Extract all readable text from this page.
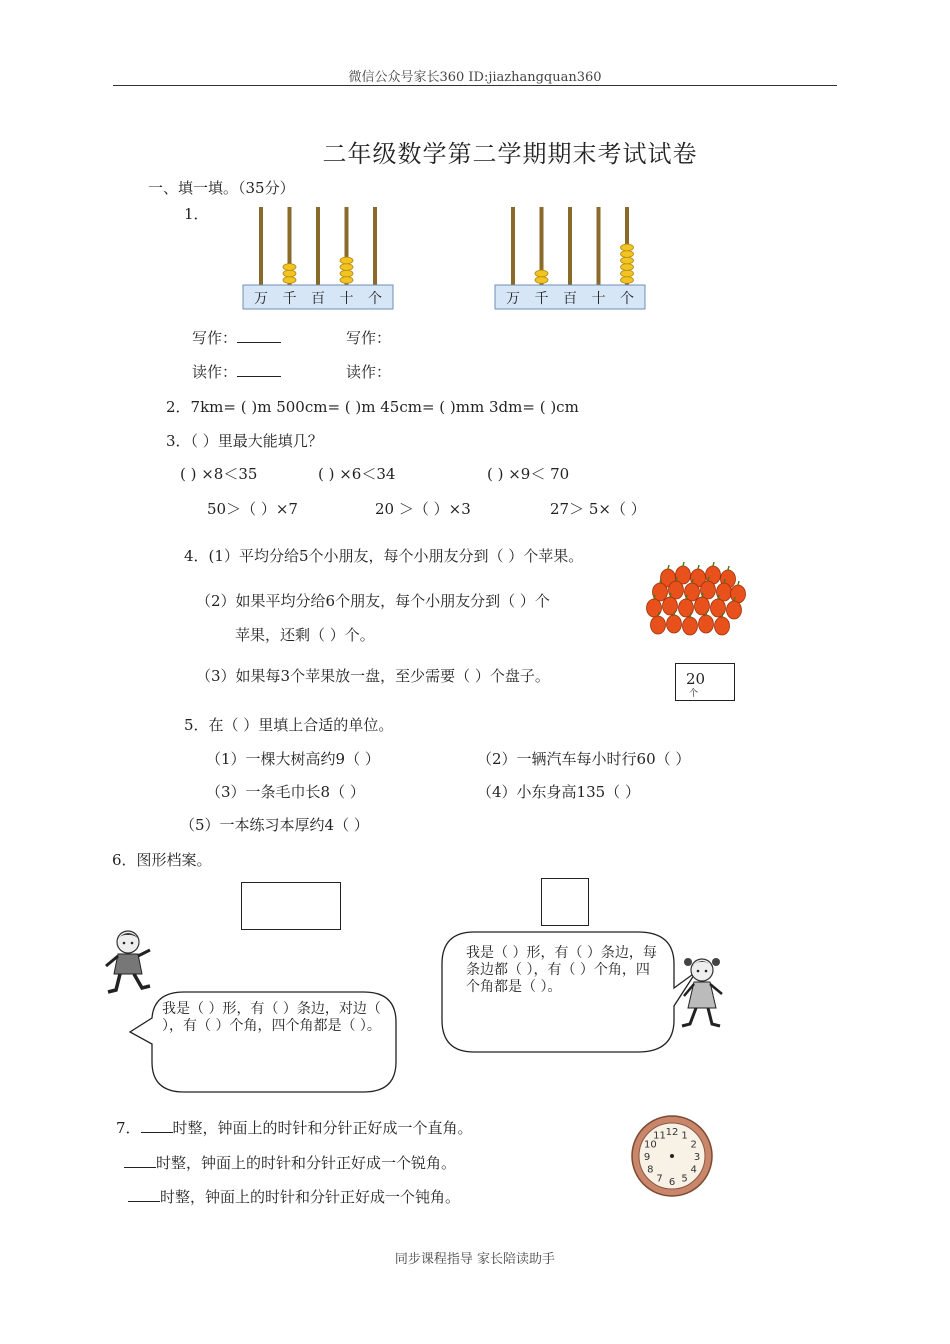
微信公众号家长360 ID:jiazhangquan360
二年级数学第二学期期末考试试卷
一、填一填。（35分）
1．
万 千 百 十 个	万 千 百 十 个
写作：	写作：
读作：	读作：
2．7km= ( )m 500cm= ( )m 45cm= ( )mm 3dm= ( )cm
3．（ ）里最大能填几？
( ) ×8＜35	( ) ×6＜34	( ) ×9＜ 70
50＞（ ）×7	20 ＞（ ）×3	27＞ 5×（ ）
4．(1）平均分给5个小朋友，每个小朋友分到（ ）个苹果。
（2）如果平均分给6个朋友，每个小朋友分到（ ）个
苹果，还剩（ ）个。
（3）如果每3个苹果放一盘，至少需要（ ）个盘子。	20
个
5．在（ ）里填上合适的单位。
（1）一棵大树高约9（ ）	（2）一辆汽车每小时行60（ ）
（3）一条毛巾长8（ ）	（4）小东身高135（ ）
（5）一本练习本厚约4（ ）
6．图形档案。
我是（ ）形，有（ ）条边，每条边都（ ），有（ ）个角，四个角都是（ ）。
我是（ ）形，有（ ）条边，对边（ ），有（ ）个角，四个角都是（ ）。
7． 时整，钟面上的时针和分针正好成一个直角。
时整，钟面上的时针和分针正好成一个锐角。
时整，钟面上的时针和分针正好成一个钝角。
12 1
2
3
4
5
6
7
8
9
10
11
同步课程指导 家长陪读助手
